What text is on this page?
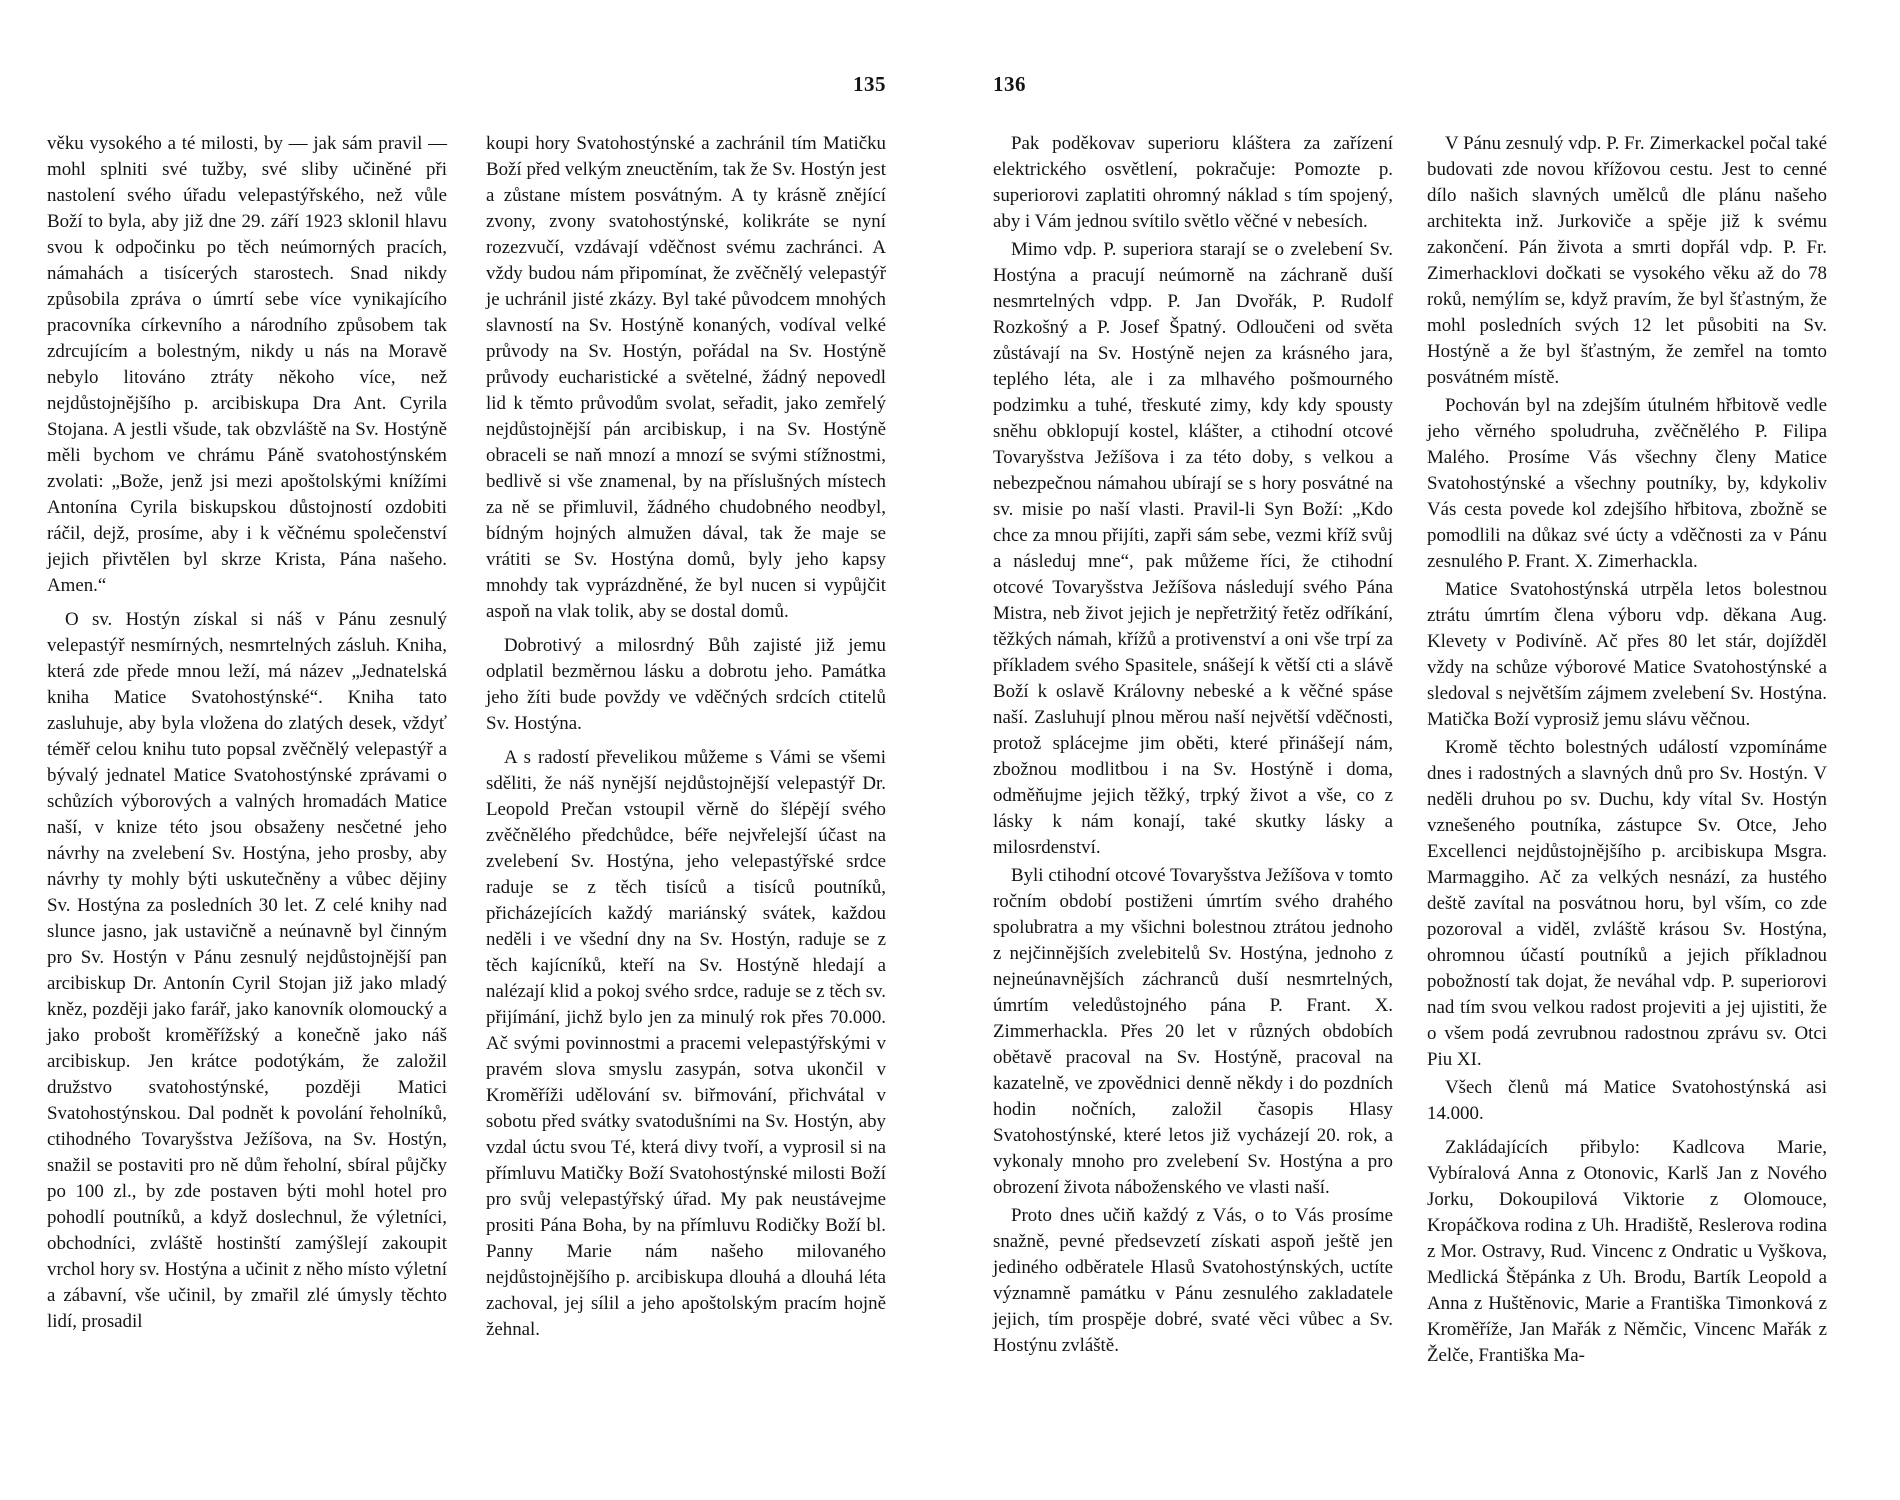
135	136

věku vysokého a té milosti, by — jak sám pravil — mohl splniti své tužby, své sliby učiněné při nastolení svého úřadu velepastýřského, než vůle Boží to byla, aby již dne 29. září 1923 sklonil hlavu svou k odpočinku po těch neúmorných pracích, námahách a tisícerých starostech. Snad nikdy způsobila zpráva o úmrtí sebe více vynikajícího pracovníka církevního a národního způsobem tak zdrcujícím a bolestným, nikdy u nás na Moravě nebylo litováno ztráty někoho více, než nejdůstojnějšího p. arcibiskupa Dra Ant. Cyrila Stojana. A jestli všude, tak obzvláště na Sv. Hostýně měli bychom ve chrámu Páně svatohostýnském zvolati: „Bože, jenž jsi mezi apoštolskými knížími Antonína Cyrila biskupskou důstojností ozdobiti ráčil, dejž, prosíme, aby i k věčnému společenství jejich přivtělen byl skrze Krista, Pána našeho. Amen.“

O sv. Hostýn získal si náš v Pánu zesnulý velepastýř nesmírných, nesmrtelných zásluh. Kniha, která zde přede mnou leží, má název „Jednatelská kniha Matice Svatohostýnské“. Kniha tato zasluhuje, aby byla vložena do zlatých desek, vždyť téměř celou knihu tuto popsal zvěčnělý velepastýř a bývalý jednatel Matice Svatohostýnské zprávami o schůzích výborových a valných hromadách Matice naší, v knize této jsou obsaženy nesčetné jeho návrhy na zvelebení Sv. Hostýna, jeho prosby, aby návrhy ty mohly býti uskutečněny a vůbec dějiny Sv. Hostýna za posledních 30 let. Z celé knihy nad slunce jasno, jak ustavičně a neúnavně byl činným pro Sv. Hostýn v Pánu zesnulý nejdůstojnější pan arcibiskup Dr. Antonín Cyril Stojan již jako mladý kněz, později jako farář, jako kanovník olomoucký a jako probošt kroměřížský a konečně jako náš arcibiskup. Jen krátce podotýkám, že založil družstvo svatohostýnské, později Matici Svatohostýnskou. Dal podnět k povolání řeholníků, ctihodného Tovaryšstva Ježíšova, na Sv. Hostýn, snažil se postaviti pro ně dům řeholní, sbíral půjčky po 100 zl., by zde postaven býti mohl hotel pro pohodlí poutníků, a když doslechnul, že výletníci, obchodníci, zvláště hostinští zamýšlejí zakoupit vrchol hory sv. Hostýna a učinit z něho místo výletní a zábavní, vše učinil, by zmařil zlé úmysly těchto lidí, prosadil

koupi hory Svatohostýnské a zachránil tím Matičku Boží před velkým zneuctěním, tak že Sv. Hostýn jest a zůstane místem posvátným. A ty krásně znějící zvony, zvony svatohostýnské, kolikráte se nyní rozezvučí, vzdávají vděčnost svému zachránci. A vždy budou nám připomínat, že zvěčnělý velepastýř je uchránil jisté zkázy. Byl také původcem mnohých slavností na Sv. Hostýně konaných, vodíval velké průvody na Sv. Hostýn, pořádal na Sv. Hostýně průvody eucharistické a světelné, žádný nepovedl lid k těmto průvodům svolat, seřadit, jako zemřelý nejdůstojnější pán arcibiskup, i na Sv. Hostýně obraceli se naň mnozí a mnozí se svými stížnostmi, bedlivě si vše znamenal, by na příslušných místech za ně se přimluvil, žádného chudobného neodbyl, bídným hojných almužen dával, tak že maje se vrátiti se Sv. Hostýna domů, byly jeho kapsy mnohdy tak vyprázdněné, že byl nucen si vypůjčit aspoň na vlak tolik, aby se dostal domů.

Dobrotivý a milosrdný Bůh zajisté již jemu odplatil bezměrnou lásku a dobrotu jeho. Památka jeho žíti bude povždy ve vděčných srdcích ctitelů Sv. Hostýna.

A s radostí převelikou můžeme s Vámi se všemi sděliti, že náš nynější nejdůstojnější velepastýř Dr. Leopold Prečan vstoupil věrně do šlépějí svého zvěčnělého předchůdce, béře nejvřelejší účast na zvelebení Sv. Hostýna, jeho velepastýřské srdce raduje se z těch tisíců a tisíců poutníků, přicházejících každý mariánský svátek, každou neděli i ve všední dny na Sv. Hostýn, raduje se z těch kajícníků, kteří na Sv. Hostýně hledají a nalézají klid a pokoj svého srdce, raduje se z těch sv. přijímání, jichž bylo jen za minulý rok přes 70.000. Ač svými povinnostmi a pracemi velepastýřskými v pravém slova smyslu zasypán, sotva ukončil v Kroměříži udělování sv. biřmování, přichvátal v sobotu před svátky svatodušními na Sv. Hostýn, aby vzdal úctu svou Té, která divy tvoří, a vyprosil si na přímluvu Matičky Boží Svatohostýnské milosti Boží pro svůj velepastýřský úřad. My pak neustávejme prositi Pána Boha, by na přímluvu Rodičky Boží bl. Panny Marie nám našeho milovaného nejdůstojnějšího p. arcibiskupa dlouhá a dlouhá léta zachoval, jej sílil a jeho apoštolským pracím hojně žehnal.

Pak poděkovav superioru kláštera za zařízení elektrického osvětlení, pokračuje: Pomozte p. superiorovi zaplatiti ohromný náklad s tím spojený, aby i Vám jednou svítilo světlo věčné v nebesích.

Mimo vdp. P. superiora starají se o zvelebení Sv. Hostýna a pracují neúmorně na záchraně duší nesmrtelných vdpp. P. Jan Dvořák, P. Rudolf Rozkošný a P. Josef Špatný. Odloučeni od světa zůstávají na Sv. Hostýně nejen za krásného jara, teplého léta, ale i za mlhavého pošmourného podzimku a tuhé, třeskuté zimy, kdy kdy spousty sněhu obklopují kostel, klášter, a ctihodní otcové Tovaryšstva Ježíšova i za této doby, s velkou a nebezpečnou námahou ubírají se s hory posvátné na sv. misie po naší vlasti. Pravil-li Syn Boží: „Kdo chce za mnou přijíti, zapři sám sebe, vezmi kříž svůj a následuj mne“, pak můžeme říci, že ctihodní otcové Tovaryšstva Ježíšova následují svého Pána Mistra, neb život jejich je nepřetržitý řetěz odříkání, těžkých námah, křížů a protivenství a oni vše trpí za příkladem svého Spasitele, snášejí k větší cti a slávě Boží k oslavě Královny nebeské a k věčné spáse naší. Zasluhují plnou měrou naší největší vděčnosti, protož splácejme jim oběti, které přinášejí nám, zbožnou modlitbou i na Sv. Hostýně i doma, odměňujme jejich těžký, trpký život a vše, co z lásky k nám konají, také skutky lásky a milosrdenství.

Byli ctihodní otcové Tovaryšstva Ježíšova v tomto ročním období postiženi úmrtím svého drahého spolubratra a my všichni bolestnou ztrátou jednoho z nejčinnějších zvelebitelů Sv. Hostýna, jednoho z nejneúnavnějších záchranců duší nesmrtelných, úmrtím veledůstojného pána P. Frant. X. Zimmerhackla. Přes 20 let v různých obdobích obětavě pracoval na Sv. Hostýně, pracoval na kazatelně, ve zpovědnici denně někdy i do pozdních hodin nočních, založil časopis Hlasy Svatohostýnské, které letos již vycházejí 20. rok, a vykonaly mnoho pro zvelebení Sv. Hostýna a pro obrození života náboženského ve vlasti naší.

Proto dnes učiň každý z Vás, o to Vás prosíme snažně, pevné předsevzetí získati aspoň ještě jen jediného odběratele Hlasů Svatohostýnských, uctíte významně památku v Pánu zesnulého zakladatele jejich, tím prospěje dobré, svaté věci vůbec a Sv. Hostýnu zvláště.

V Pánu zesnulý vdp. P. Fr. Zimerkackel počal také budovati zde novou křížovou cestu. Jest to cenné dílo našich slavných umělců dle plánu našeho architekta inž. Jurkoviče a spěje již k svému zakončení. Pán života a smrti dopřál vdp. P. Fr. Zimerhacklovi dočkati se vysokého věku až do 78 roků, nemýlím se, když pravím, že byl šťastným, že mohl posledních svých 12 let působiti na Sv. Hostýně a že byl šťastným, že zemřel na tomto posvátném místě.

Pochován byl na zdejším útulném hřbitově vedle jeho věrného spoludruha, zvěčnělého P. Filipa Malého. Prosíme Vás všechny členy Matice Svatohostýnské a všechny poutníky, by, kdykoliv Vás cesta povede kol zdejšího hřbitova, zbožně se pomodlili na důkaz své úcty a vděčnosti za v Pánu zesnulého P. Frant. X. Zimerhackla.

Matice Svatohostýnská utrpěla letos bolestnou ztrátu úmrtím člena výboru vdp. děkana Aug. Klevety v Podivíně. Ač přes 80 let stár, dojížděl vždy na schůze výborové Matice Svatohostýnské a sledoval s největším zájmem zvelebení Sv. Hostýna. Matička Boží vyprosiž jemu slávu věčnou.

Kromě těchto bolestných událostí vzpomínáme dnes i radostných a slavných dnů pro Sv. Hostýn. V neděli druhou po sv. Duchu, kdy vítal Sv. Hostýn vznešeného poutníka, zástupce Sv. Otce, Jeho Excellenci nejdůstojnějšího p. arcibiskupa Msgra. Marmaggiho. Ač za velkých nesnází, za hustého deště zavítal na posvátnou horu, byl vším, co zde pozoroval a viděl, zvláště krásou Sv. Hostýna, ohromnou účastí poutníků a jejich příkladnou pobožností tak dojat, že neváhal vdp. P. superiorovi nad tím svou velkou radost projeviti a jej ujistiti, že o všem podá zevrubnou radostnou zprávu sv. Otci Piu XI.

Všech členů má Matice Svatohostýnská asi 14.000.

Zakládajících přibylo: Kadlcova Marie, Vybíralová Anna z Otonovic, Karlš Jan z Nového Jorku, Dokoupilová Viktorie z Olomouce, Kropáčkova rodina z Uh. Hradiště, Reslerova rodina z Mor. Ostravy, Rud. Vincenc z Ondratic u Vyškova, Medlická Štěpánka z Uh. Brodu, Bartík Leopold a Anna z Huštěnovic, Marie a Františka Timonková z Kroměříže, Jan Mařák z Němčic, Vincenc Mařák z Želče, Františka Ma-
